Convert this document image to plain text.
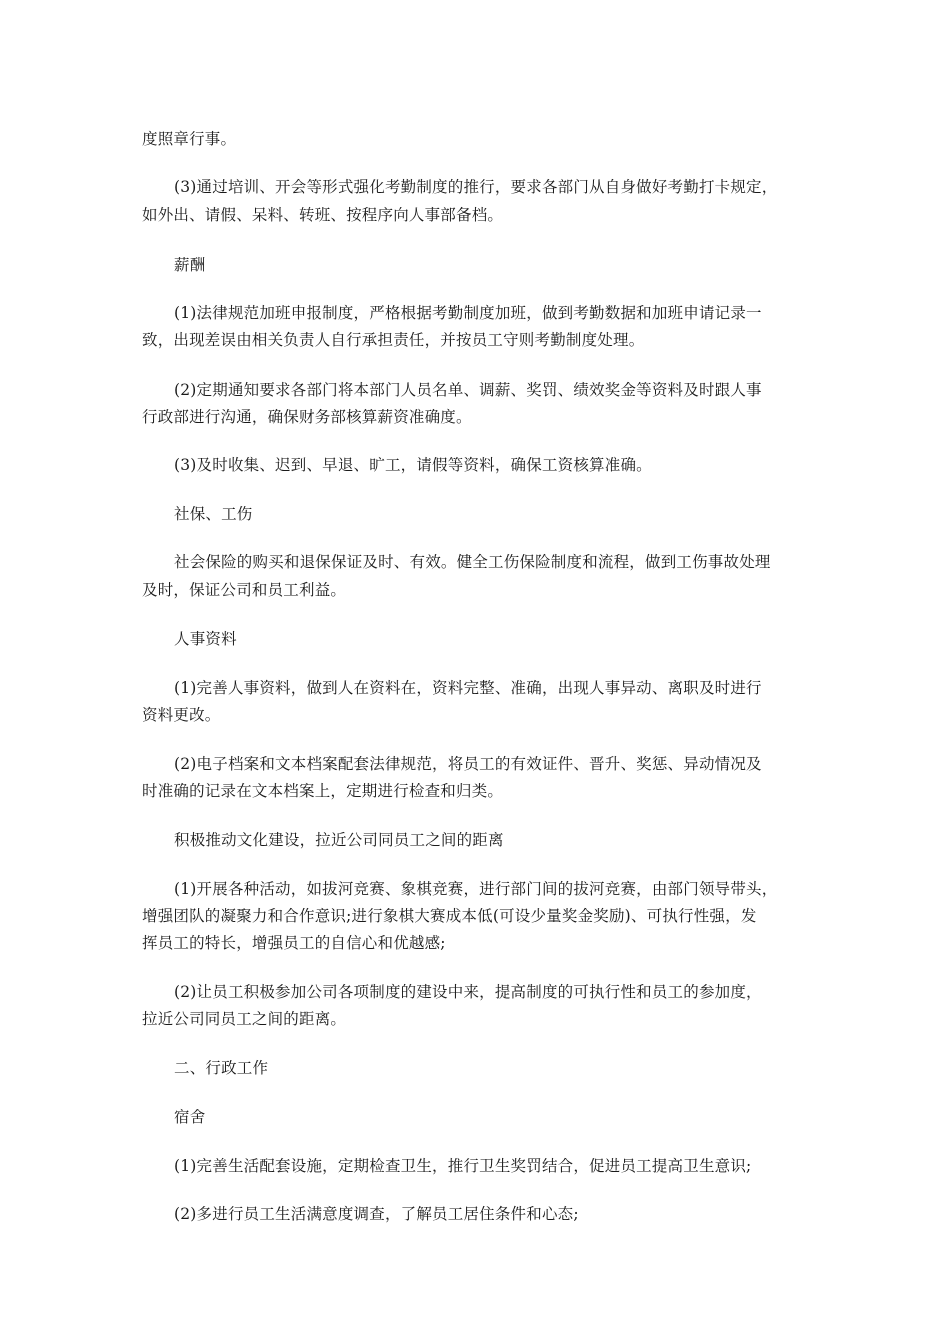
度照章行事。
(3)通过培训、开会等形式强化考勤制度的推行，要求各部门从自身做好考勤打卡规定，
如外出、请假、呆料、转班、按程序向人事部备档。
薪酬
(1)法律规范加班申报制度，严格根据考勤制度加班，做到考勤数据和加班申请记录一
致，出现差误由相关负责人自行承担责任，并按员工守则考勤制度处理。
(2)定期通知要求各部门将本部门人员名单、调薪、奖罚、绩效奖金等资料及时跟人事
行政部进行沟通，确保财务部核算薪资准确度。
(3)及时收集、迟到、早退、旷工，请假等资料，确保工资核算准确。
社保、工伤
社会保险的购买和退保保证及时、有效。健全工伤保险制度和流程，做到工伤事故处理
及时，保证公司和员工利益。
人事资料
(1)完善人事资料，做到人在资料在，资料完整、准确，出现人事异动、离职及时进行
资料更改。
(2)电子档案和文本档案配套法律规范，将员工的有效证件、晋升、奖惩、异动情况及
时准确的记录在文本档案上，定期进行检查和归类。
积极推动文化建设，拉近公司同员工之间的距离
(1)开展各种活动，如拔河竞赛、象棋竞赛，进行部门间的拔河竞赛，由部门领导带头，
增强团队的凝聚力和合作意识;进行象棋大赛成本低(可设少量奖金奖励)、可执行性强，发
挥员工的特长，增强员工的自信心和优越感;
(2)让员工积极参加公司各项制度的建设中来，提高制度的可执行性和员工的参加度，
拉近公司同员工之间的距离。
二、行政工作
宿舍
(1)完善生活配套设施，定期检查卫生，推行卫生奖罚结合，促进员工提高卫生意识;
(2)多进行员工生活满意度调查，了解员工居住条件和心态;
